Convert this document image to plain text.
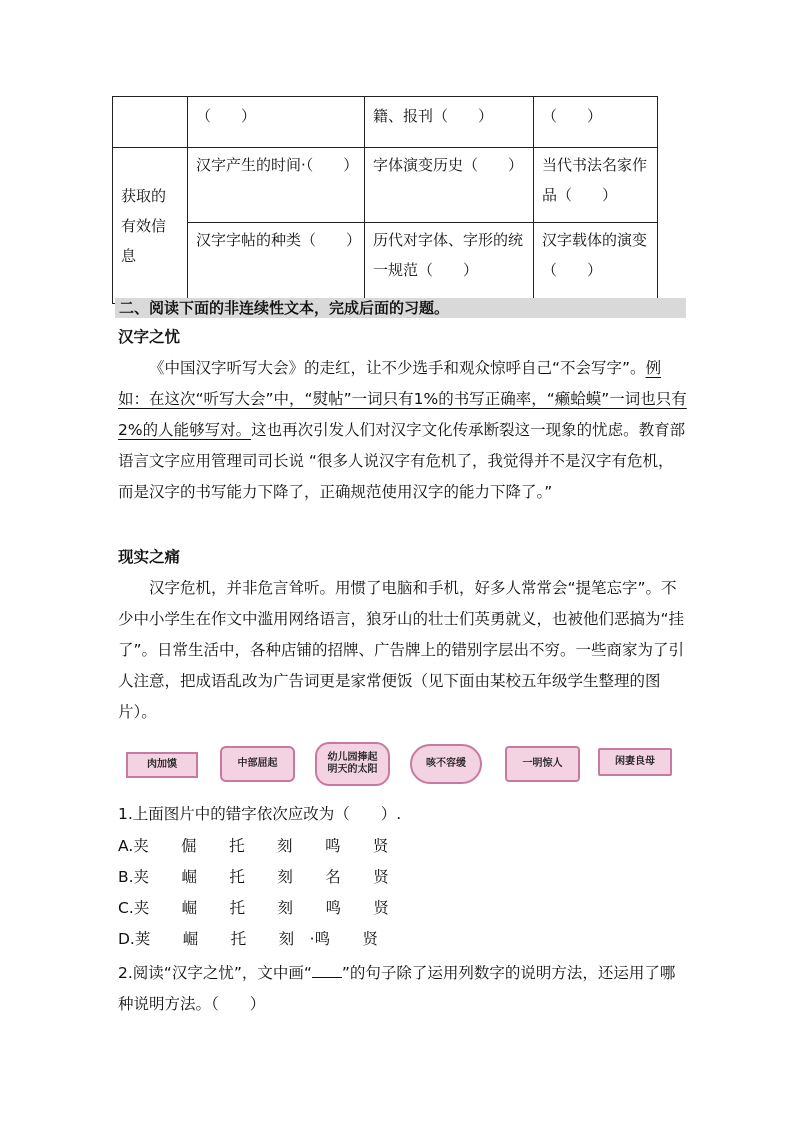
	（　　）	籍、报刊（　　）	（　　）
获取的有效信息	汉字产生的时间·（　　）	字体演变历史（　　）	当代书法名家作品（　　）
	汉字字帖的种类（　　）	历代对字体、字形的统一规范（　　）	汉字载体的演变（　　）
二、阅读下面的非连续性文本，完成后面的习题。
汉字之忧

《中国汉字听写大会》的走红，让不少选手和观众惊呼自己“不会写字”。例如：在这次“听写大会”中，“熨帖”一词只有1%的书写正确率，“癞蛤蟆”一词也只有2%的人能够写对。这也再次引发人们对汉字文化传承断裂这一现象的忧虑。教育部语言文字应用管理司司长说 “很多人说汉字有危机了，我觉得并不是汉字有危机，而是汉字的书写能力下降了，正确规范使用汉字的能力下降了。”

现实之痛

汉字危机，并非危言耸听。用惯了电脑和手机，好多人常常会“提笔忘字”。不少中小学生在作文中滥用网络语言，狼牙山的壮士们英勇就义，也被他们恶搞为“挂了”。日常生活中，各种店铺的招牌、广告牌上的错别字层出不穷。一些商家为了引人注意，把成语乱改为广告词更是家常便饭（见下面由某校五年级学生整理的图片）。

肉加馍	中部屈起
幼儿园捧起明天的太阳
咳不容缓	一明惊人	闲妻良母
1.上面图片中的错字依次应改为（　　）.
A.夹　 倔　 托　 刻　 鸣　 贤
B.夹　 崛　 托　 刻　 名　 贤
C.夹　 崛　 托　 刻　 鸣　 贤
D.荚　 崛　 托　 刻　·鸣　 贤
2.阅读“汉字之忧”，文中画“ ”的句子除了运用列数字的说明方法，还运用了哪种说明方法。（　　）
